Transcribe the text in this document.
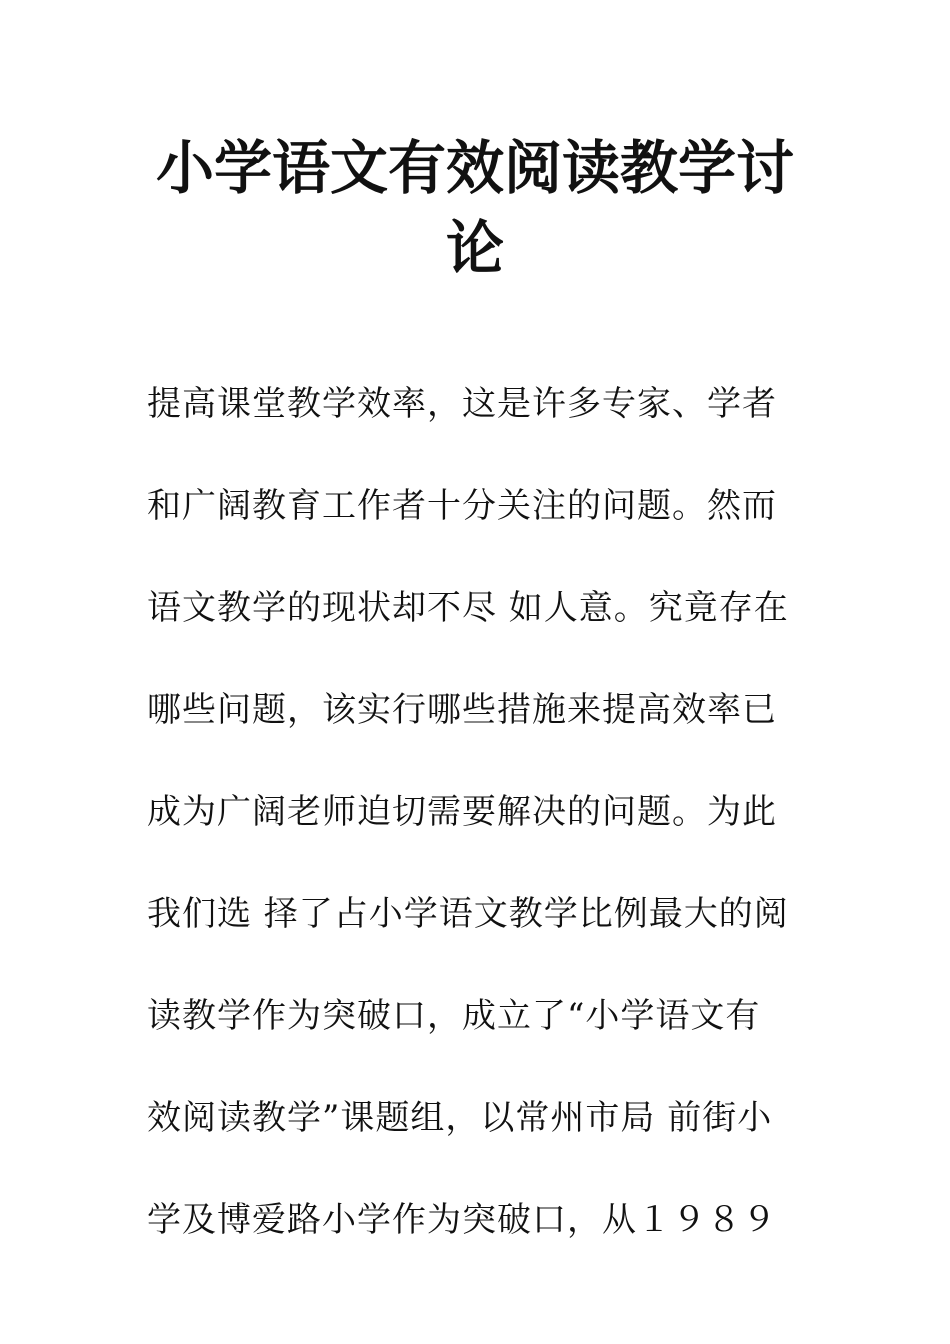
小学语文有效阅读教学讨
论
提高课堂教学效率，这是许多专家、学者
和广阔教育工作者十分关注的问题。然而
语文教学的现状却不尽 如人意。究竟存在
哪些问题，该实行哪些措施来提高效率已
成为广阔老师迫切需要解决的问题。为此
我们选 择了占小学语文教学比例最大的阅
读教学作为突破口，成立了“小学语文有
效阅读教学”课题组，以常州市局 前街小
学及博爱路小学作为突破口，从１９８９
